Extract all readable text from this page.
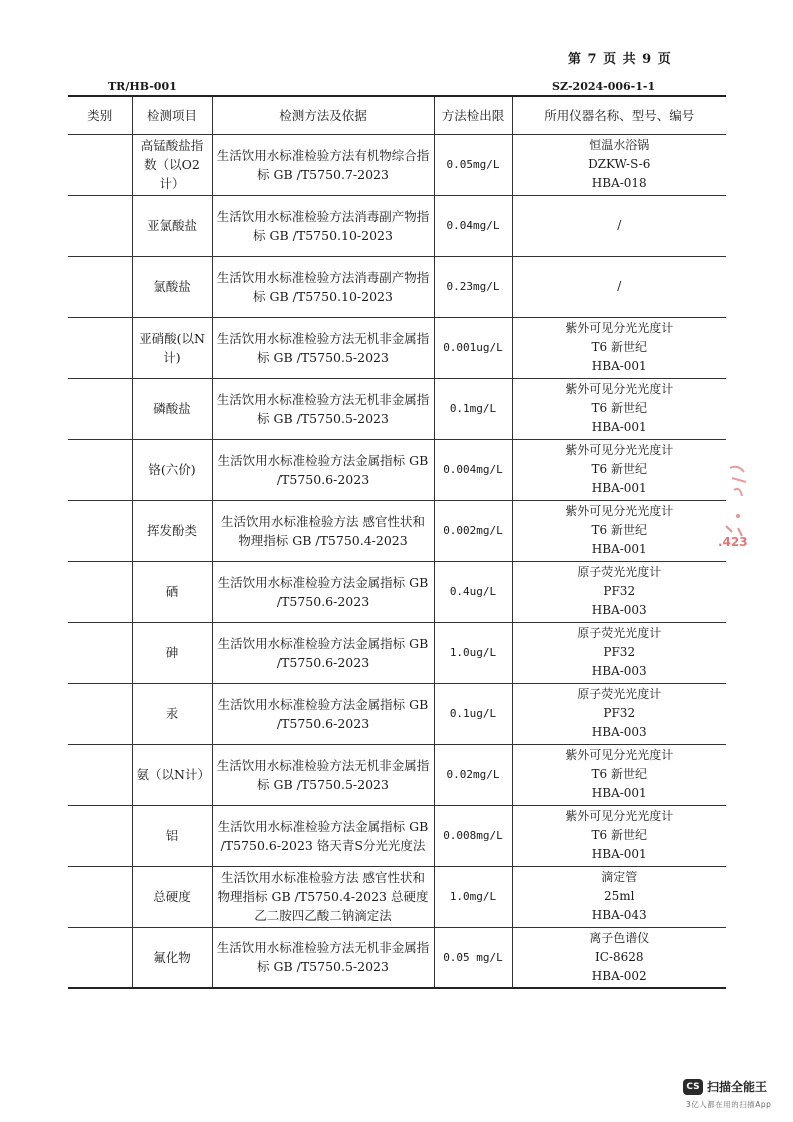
第 7 页 共 9 页
TR/HB-001	SZ-2024-006-1-1
类别	检测项目	检测方法及依据	方法检出限	所用仪器名称、型号、编号
	高锰酸盐指数（以O2计）	生活饮用水标准检验方法有机物综合指标 GB /T5750.7-2023	0.05mg/L	恒温水浴锅
DZKW-S-6
HBA-018

	亚氯酸盐	生活饮用水标准检验方法消毒副产物指标 GB /T5750.10-2023	0.04mg/L	/

	氯酸盐	生活饮用水标准检验方法消毒副产物指标 GB /T5750.10-2023	0.23mg/L	/

	亚硝酸(以N计)	生活饮用水标准检验方法无机非金属指标 GB /T5750.5-2023	0.001ug/L	紫外可见分光光度计
T6 新世纪
HBA-001

	磷酸盐	生活饮用水标准检验方法无机非金属指标 GB /T5750.5-2023	0.1mg/L	紫外可见分光光度计
T6 新世纪
HBA-001

	铬(六价)	生活饮用水标准检验方法金属指标 GB /T5750.6-2023	0.004mg/L	紫外可见分光光度计
T6 新世纪
HBA-001

	挥发酚类	生活饮用水标准检验方法 感官性状和物理指标 GB /T5750.4-2023	0.002mg/L	紫外可见分光光度计
T6 新世纪
HBA-001

	硒	生活饮用水标准检验方法金属指标 GB /T5750.6-2023	0.4ug/L	原子荧光光度计
PF32
HBA-003

	砷	生活饮用水标准检验方法金属指标 GB /T5750.6-2023	1.0ug/L	原子荧光光度计
PF32
HBA-003

	汞	生活饮用水标准检验方法金属指标 GB /T5750.6-2023	0.1ug/L	原子荧光光度计
PF32
HBA-003

	氨（以N计）	生活饮用水标准检验方法无机非金属指标 GB /T5750.5-2023	0.02mg/L	紫外可见分光光度计
T6 新世纪
HBA-001

	铝	生活饮用水标准检验方法金属指标 GB /T5750.6-2023 铬天青S分光光度法	0.008mg/L	紫外可见分光光度计
T6 新世纪
HBA-001

	总硬度	生活饮用水标准检验方法 感官性状和物理指标 GB /T5750.4-2023 总硬度乙二胺四乙酸二钠滴定法	1.0mg/L	滴定管
25ml
HBA-043

	氟化物	生活饮用水标准检验方法无机非金属指标 GB /T5750.5-2023	0.05 mg/L	离子色谱仪
IC-8628
HBA-002
.423
CS 扫描全能王
3亿人都在用的扫描App
